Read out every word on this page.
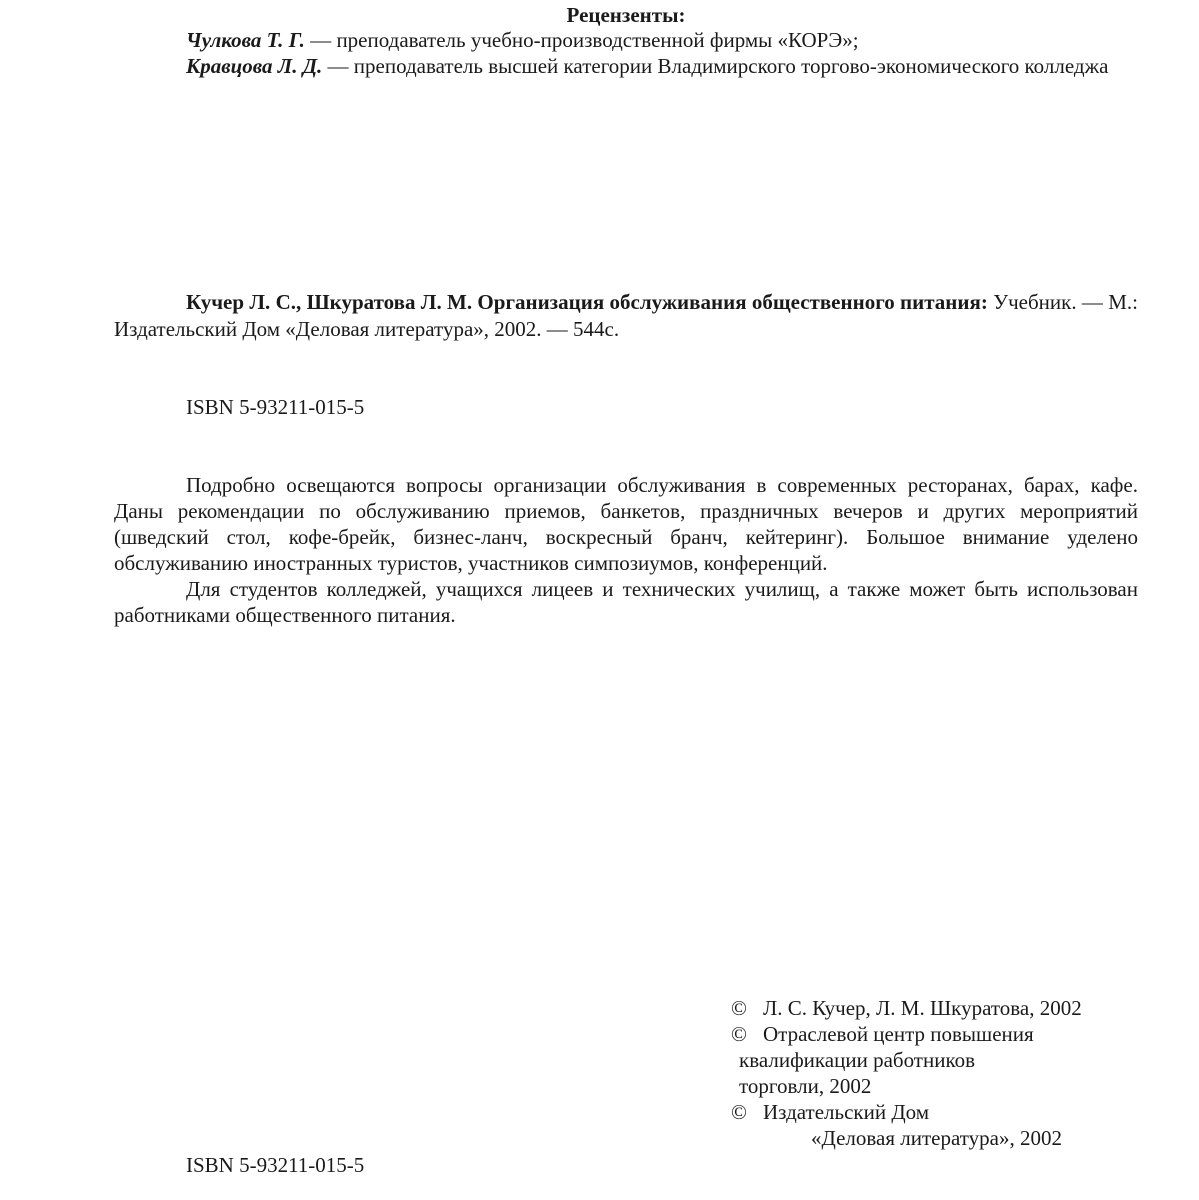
Рецензенты:
Чулкова Т. Г. — преподаватель учебно-производственной фирмы «КОРЭ»;
Кравцова Л. Д. — преподаватель высшей категории Владимирского торгово-экономического колледжа
Кучер Л. С., Шкуратова Л. М. Организация обслуживания общественного питания: Учебник. — М.: Издательский Дом «Деловая литература», 2002. — 544с.
ISBN 5-93211-015-5

Подробно освещаются вопросы организации обслуживания в современных ресторанах, барах, кафе. Даны рекомендации по обслуживанию приемов, банкетов, праздничных вечеров и других мероприятий (шведский стол, кофе-брейк, бизнес-ланч, воскресный бранч, кейтеринг). Большое внимание уделено обслуживанию иностранных туристов, участников симпозиумов, конференций.

Для студентов колледжей, учащихся лицеев и технических училищ, а также может быть использован работниками общественного питания.

© Л. С. Кучер, Л. М. Шкуратова, 2002
© Отраслевой центр повышения
квалификации работников
торговли, 2002
© Издательский Дом
«Деловая литература», 2002
ISBN 5-93211-015-5
